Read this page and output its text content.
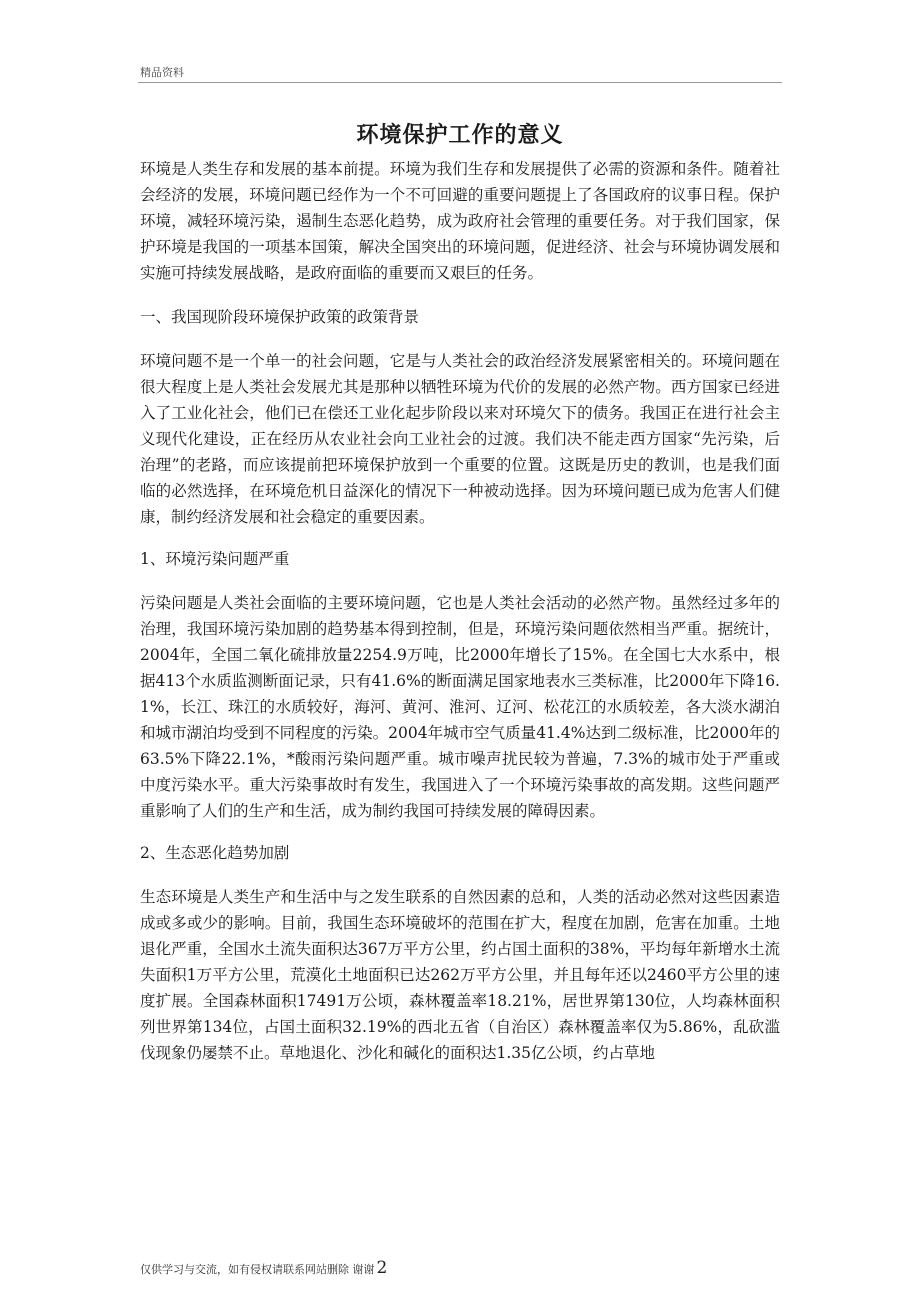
精品资料
环境保护工作的意义

环境是人类生存和发展的基本前提。环境为我们生存和发展提供了必需的资源和条件。随着社会经济的发展，环境问题已经作为一个不可回避的重要问题提上了各国政府的议事日程。保护环境，减轻环境污染，遏制生态恶化趋势，成为政府社会管理的重要任务。对于我们国家，保护环境是我国的一项基本国策，解决全国突出的环境问题，促进经济、社会与环境协调发展和实施可持续发展战略，是政府面临的重要而又艰巨的任务。

一、我国现阶段环境保护政策的政策背景

环境问题不是一个单一的社会问题，它是与人类社会的政治经济发展紧密相关的。环境问题在很大程度上是人类社会发展尤其是那种以牺牲环境为代价的发展的必然产物。西方国家已经进入了工业化社会，他们已在偿还工业化起步阶段以来对环境欠下的债务。我国正在进行社会主义现代化建设，正在经历从农业社会向工业社会的过渡。我们决不能走西方国家“先污染，后治理”的老路，而应该提前把环境保护放到一个重要的位置。这既是历史的教训，也是我们面临的必然选择，在环境危机日益深化的情况下一种被动选择。因为环境问题已成为危害人们健康，制约经济发展和社会稳定的重要因素。

1、环境污染问题严重

污染问题是人类社会面临的主要环境问题，它也是人类社会活动的必然产物。虽然经过多年的治理，我国环境污染加剧的趋势基本得到控制，但是，环境污染问题依然相当严重。据统计，2004年，全国二氧化硫排放量2254.9万吨，比2000年增长了15%。在全国七大水系中，根据413个水质监测断面记录，只有41.6%的断面满足国家地表水三类标准，比2000年下降16.1%，长江、珠江的水质较好，海河、黄河、淮河、辽河、松花江的水质较差，各大淡水湖泊和城市湖泊均受到不同程度的污染。2004年城市空气质量41.4%达到二级标准，比2000年的63.5%下降22.1%，*酸雨污染问题严重。城市噪声扰民较为普遍，7.3%的城市处于严重或中度污染水平。重大污染事故时有发生，我国进入了一个环境污染事故的高发期。这些问题严重影响了人们的生产和生活，成为制约我国可持续发展的障碍因素。

2、生态恶化趋势加剧

生态环境是人类生产和生活中与之发生联系的自然因素的总和，人类的活动必然对这些因素造成或多或少的影响。目前，我国生态环境破坏的范围在扩大，程度在加剧，危害在加重。土地退化严重，全国水土流失面积达367万平方公里，约占国土面积的38%，平均每年新增水土流失面积1万平方公里，荒漠化土地面积已达262万平方公里，并且每年还以2460平方公里的速度扩展。全国森林面积17491万公顷，森林覆盖率18.21%，居世界第130位，人均森林面积列世界第134位，占国土面积32.19%的西北五省（自治区）森林覆盖率仅为5.86%，乱砍滥伐现象仍屡禁不止。草地退化、沙化和碱化的面积达1.35亿公顷，约占草地

仅供学习与交流，如有侵权请联系网站删除 谢谢 2
